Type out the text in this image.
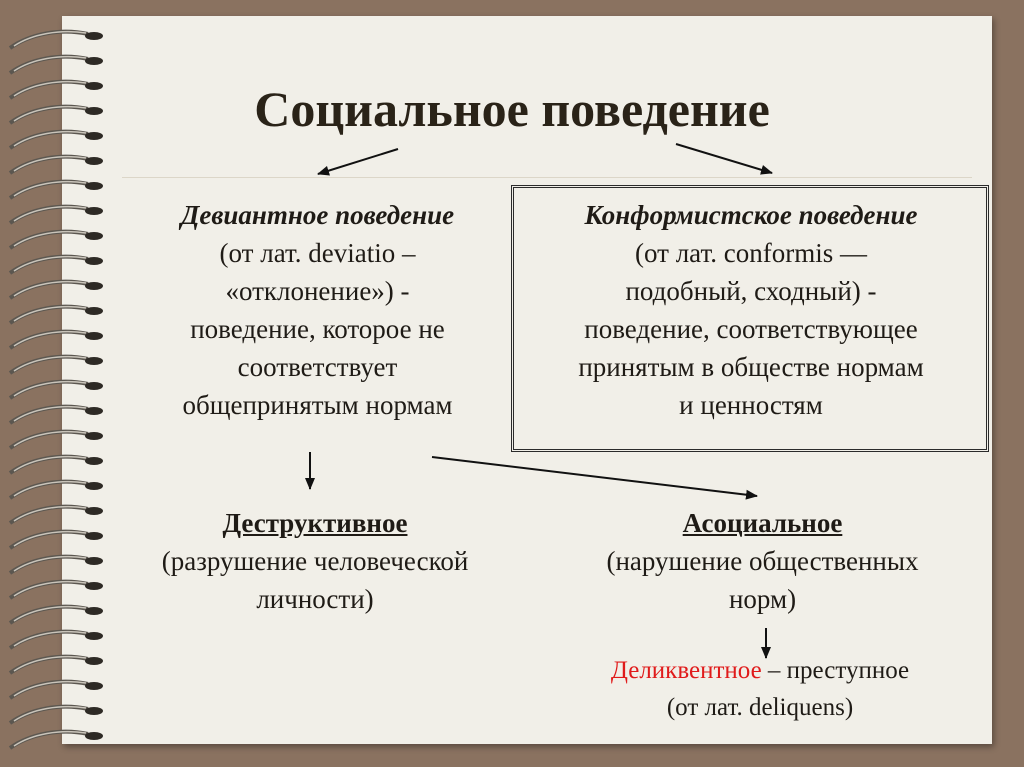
Социальное поведение
Девиантное поведение
(от лат. deviatio –
«отклонение») -
поведение, которое не
соответствует
общепринятым нормам
Конформистское поведение
(от лат. conformis —
подобный, сходный) -
поведение, соответствующее
принятым в обществе нормам
и ценностям
Деструктивное
(разрушение человеческой
личности)
Асоциальное
(нарушение общественных
норм)
Деликвентное – преступное
(от лат. deliquens)
